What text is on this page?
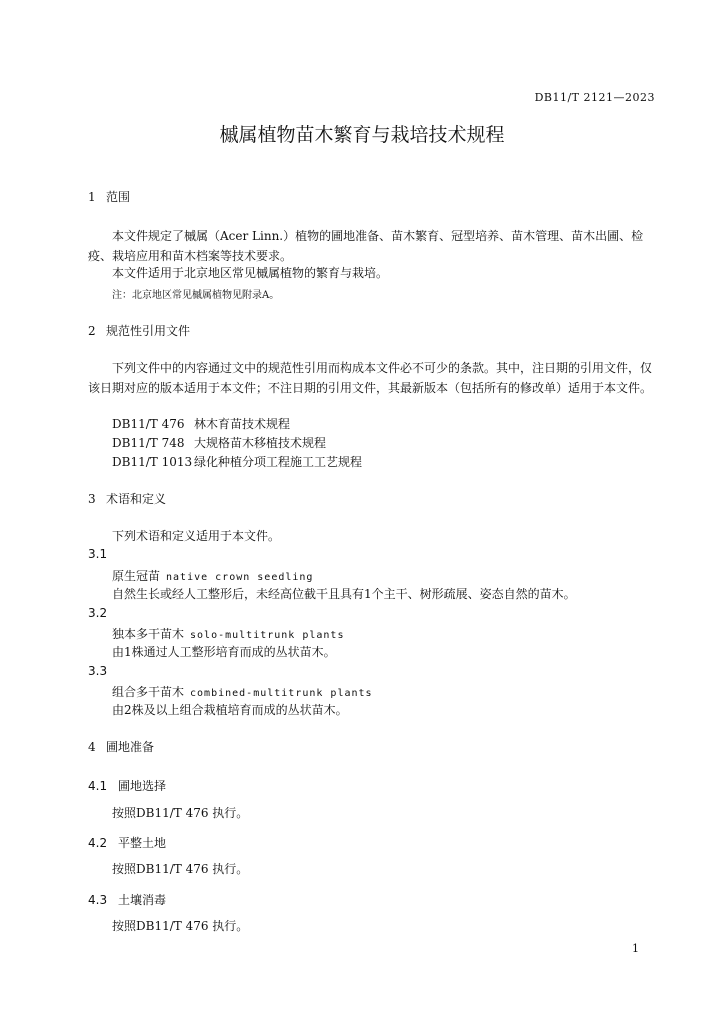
DB11/T 2121—2023
槭属植物苗木繁育与栽培技术规程
1 范围
本文件规定了槭属（Acer Linn.）植物的圃地准备、苗木繁育、冠型培养、苗木管理、苗木出圃、检疫、栽培应用和苗木档案等技术要求。
本文件适用于北京地区常见槭属植物的繁育与栽培。
注：北京地区常见槭属植物见附录A。
2 规范性引用文件
下列文件中的内容通过文中的规范性引用而构成本文件必不可少的条款。其中，注日期的引用文件，仅该日期对应的版本适用于本文件；不注日期的引用文件，其最新版本（包括所有的修改单）适用于本文件。
DB11/T 476 林木育苗技术规程
DB11/T 748 大规格苗木移植技术规程
DB11/T 1013 绿化种植分项工程施工工艺规程
3 术语和定义
下列术语和定义适用于本文件。
3.1
原生冠苗 native crown seedling
自然生长或经人工整形后，未经高位截干且具有1个主干、树形疏展、姿态自然的苗木。
3.2
独本多干苗木 solo-multitrunk plants
由1株通过人工整形培育而成的丛状苗木。
3.3
组合多干苗木 combined-multitrunk plants
由2株及以上组合栽植培育而成的丛状苗木。
4 圃地准备
4.1 圃地选择
按照DB11/T 476 执行。
4.2 平整土地
按照DB11/T 476 执行。
4.3 土壤消毒
按照DB11/T 476 执行。
1
